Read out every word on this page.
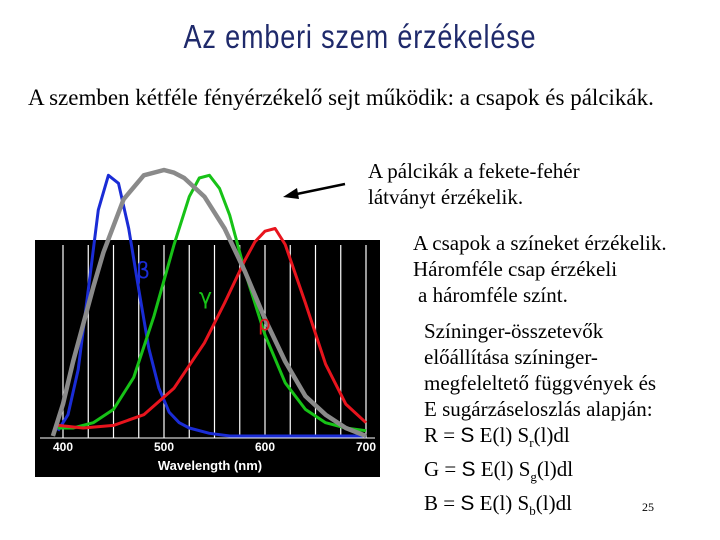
Az emberi szem érzékelése
A szemben kétféle fényérzékelő sejt működik: a csapok és pálcikák.
400	500	600	700
Wavelength (nm)
β
γ
ρ
A pálcikák a fekete-fehér
látványt érzékelik.
A csapok a színeket érzékelik.
Háromféle csap érzékeli
a háromféle színt.
Színinger-összetevők
előállítása színinger-
megfeleltető függvények és
E sugárzáseloszlás alapján:
R = S E(l) $S_r(l)dl$
G = S E(l) $S_g(l)dl$
B = S E(l) $S_b(l)dl$	25
